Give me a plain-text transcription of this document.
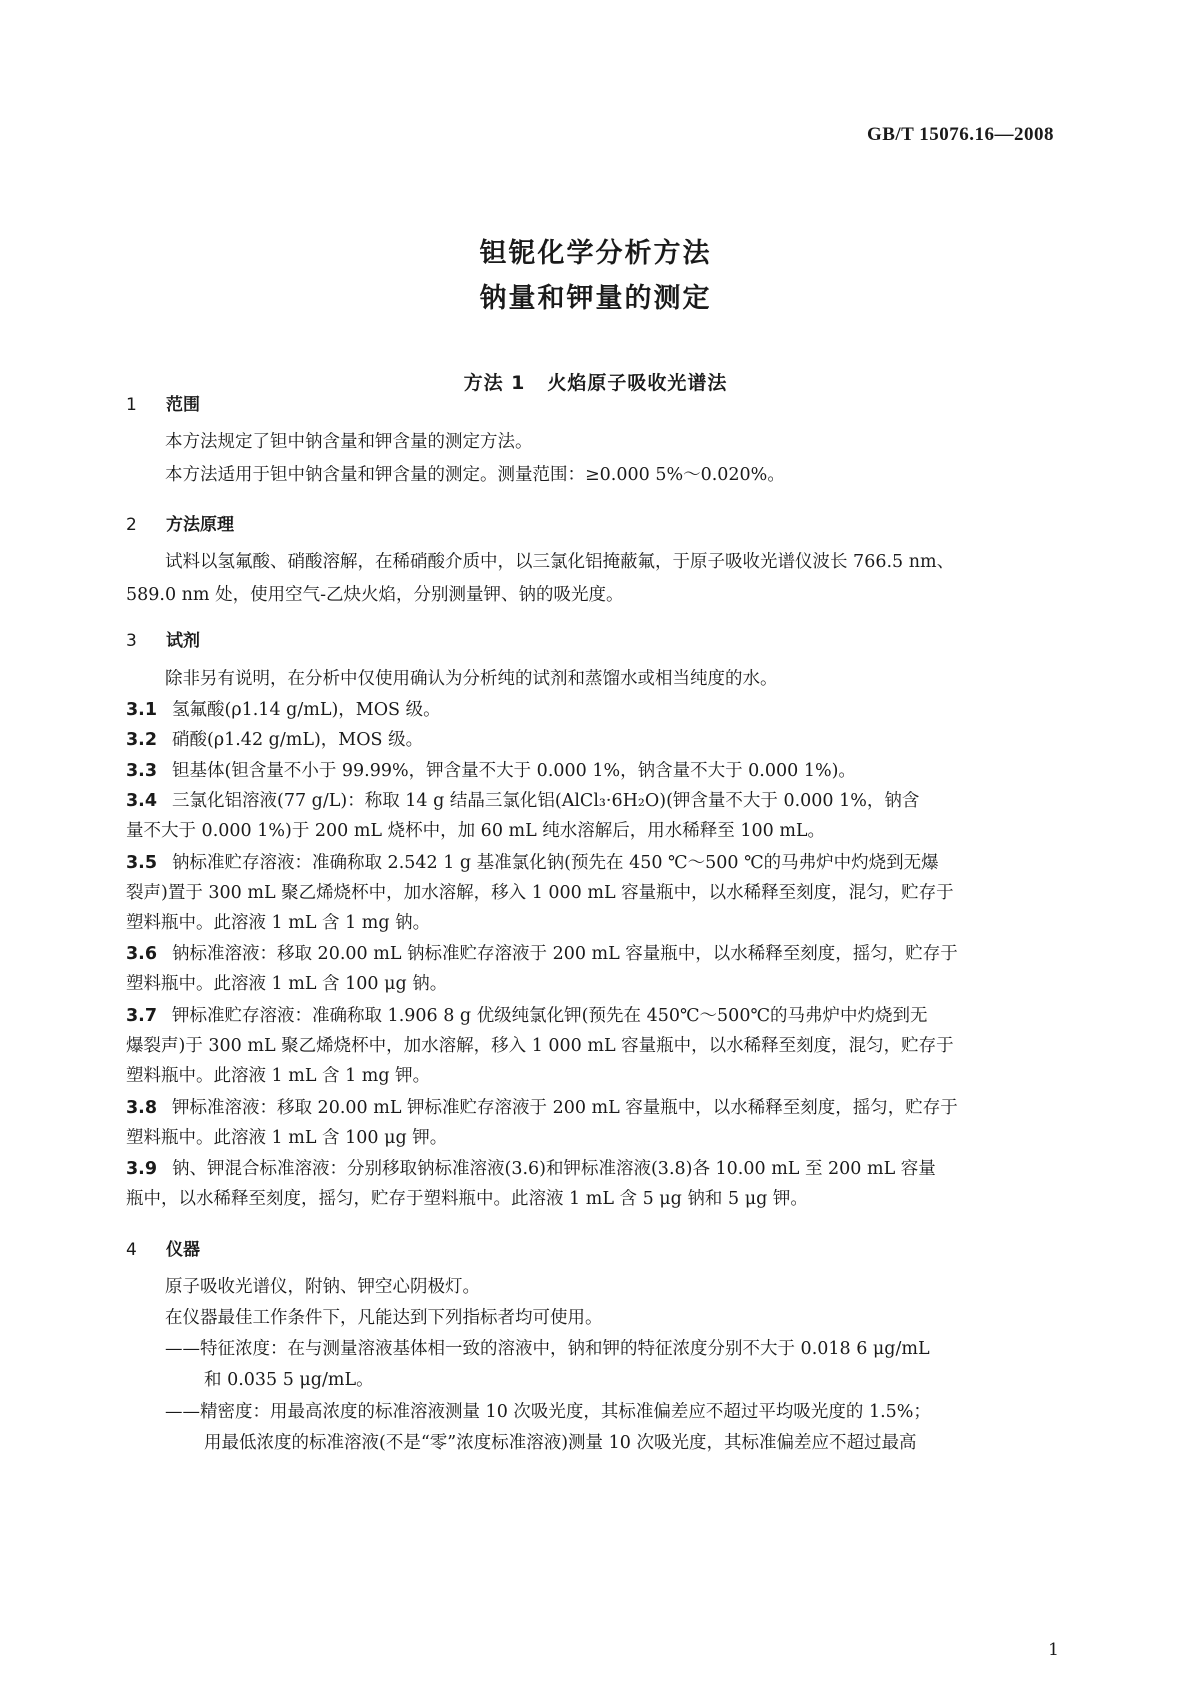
GB/T 15076.16—2008
钽铌化学分析方法
钠量和钾量的测定
方法 1 火焰原子吸收光谱法
1 范围
本方法规定了钽中钠含量和钾含量的测定方法。
本方法适用于钽中钠含量和钾含量的测定。测量范围：≥0.000 5%～0.020%。
2 方法原理
试料以氢氟酸、硝酸溶解，在稀硝酸介质中，以三氯化铝掩蔽氟，于原子吸收光谱仪波长 766.5 nm、
589.0 nm 处，使用空气-乙炔火焰，分别测量钾、钠的吸光度。
3 试剂
除非另有说明，在分析中仅使用确认为分析纯的试剂和蒸馏水或相当纯度的水。
3.1 氢氟酸(ρ1.14 g/mL)，MOS 级。
3.2 硝酸(ρ1.42 g/mL)，MOS 级。
3.3 钽基体(钽含量不小于 99.99%，钾含量不大于 0.000 1%，钠含量不大于 0.000 1%)。
3.4 三氯化铝溶液(77 g/L)：称取 14 g 结晶三氯化铝(AlCl₃·6H₂O)(钾含量不大于 0.000 1%，钠含
量不大于 0.000 1%)于 200 mL 烧杯中，加 60 mL 纯水溶解后，用水稀释至 100 mL。
3.5 钠标准贮存溶液：准确称取 2.542 1 g 基准氯化钠(预先在 450 ℃～500 ℃的马弗炉中灼烧到无爆
裂声)置于 300 mL 聚乙烯烧杯中，加水溶解，移入 1 000 mL 容量瓶中，以水稀释至刻度，混匀，贮存于
塑料瓶中。此溶液 1 mL 含 1 mg 钠。
3.6 钠标准溶液：移取 20.00 mL 钠标准贮存溶液于 200 mL 容量瓶中，以水稀释至刻度，摇匀，贮存于
塑料瓶中。此溶液 1 mL 含 100 μg 钠。
3.7 钾标准贮存溶液：准确称取 1.906 8 g 优级纯氯化钾(预先在 450℃～500℃的马弗炉中灼烧到无
爆裂声)于 300 mL 聚乙烯烧杯中，加水溶解，移入 1 000 mL 容量瓶中，以水稀释至刻度，混匀，贮存于
塑料瓶中。此溶液 1 mL 含 1 mg 钾。
3.8 钾标准溶液：移取 20.00 mL 钾标准贮存溶液于 200 mL 容量瓶中，以水稀释至刻度，摇匀，贮存于
塑料瓶中。此溶液 1 mL 含 100 μg 钾。
3.9 钠、钾混合标准溶液：分别移取钠标准溶液(3.6)和钾标准溶液(3.8)各 10.00 mL 至 200 mL 容量
瓶中，以水稀释至刻度，摇匀，贮存于塑料瓶中。此溶液 1 mL 含 5 μg 钠和 5 μg 钾。
4 仪器
原子吸收光谱仪，附钠、钾空心阴极灯。
在仪器最佳工作条件下，凡能达到下列指标者均可使用。
——特征浓度：在与测量溶液基体相一致的溶液中，钠和钾的特征浓度分别不大于 0.018 6 μg/mL
和 0.035 5 μg/mL。
——精密度：用最高浓度的标准溶液测量 10 次吸光度，其标准偏差应不超过平均吸光度的 1.5%；
用最低浓度的标准溶液(不是“零”浓度标准溶液)测量 10 次吸光度，其标准偏差应不超过最高
1
